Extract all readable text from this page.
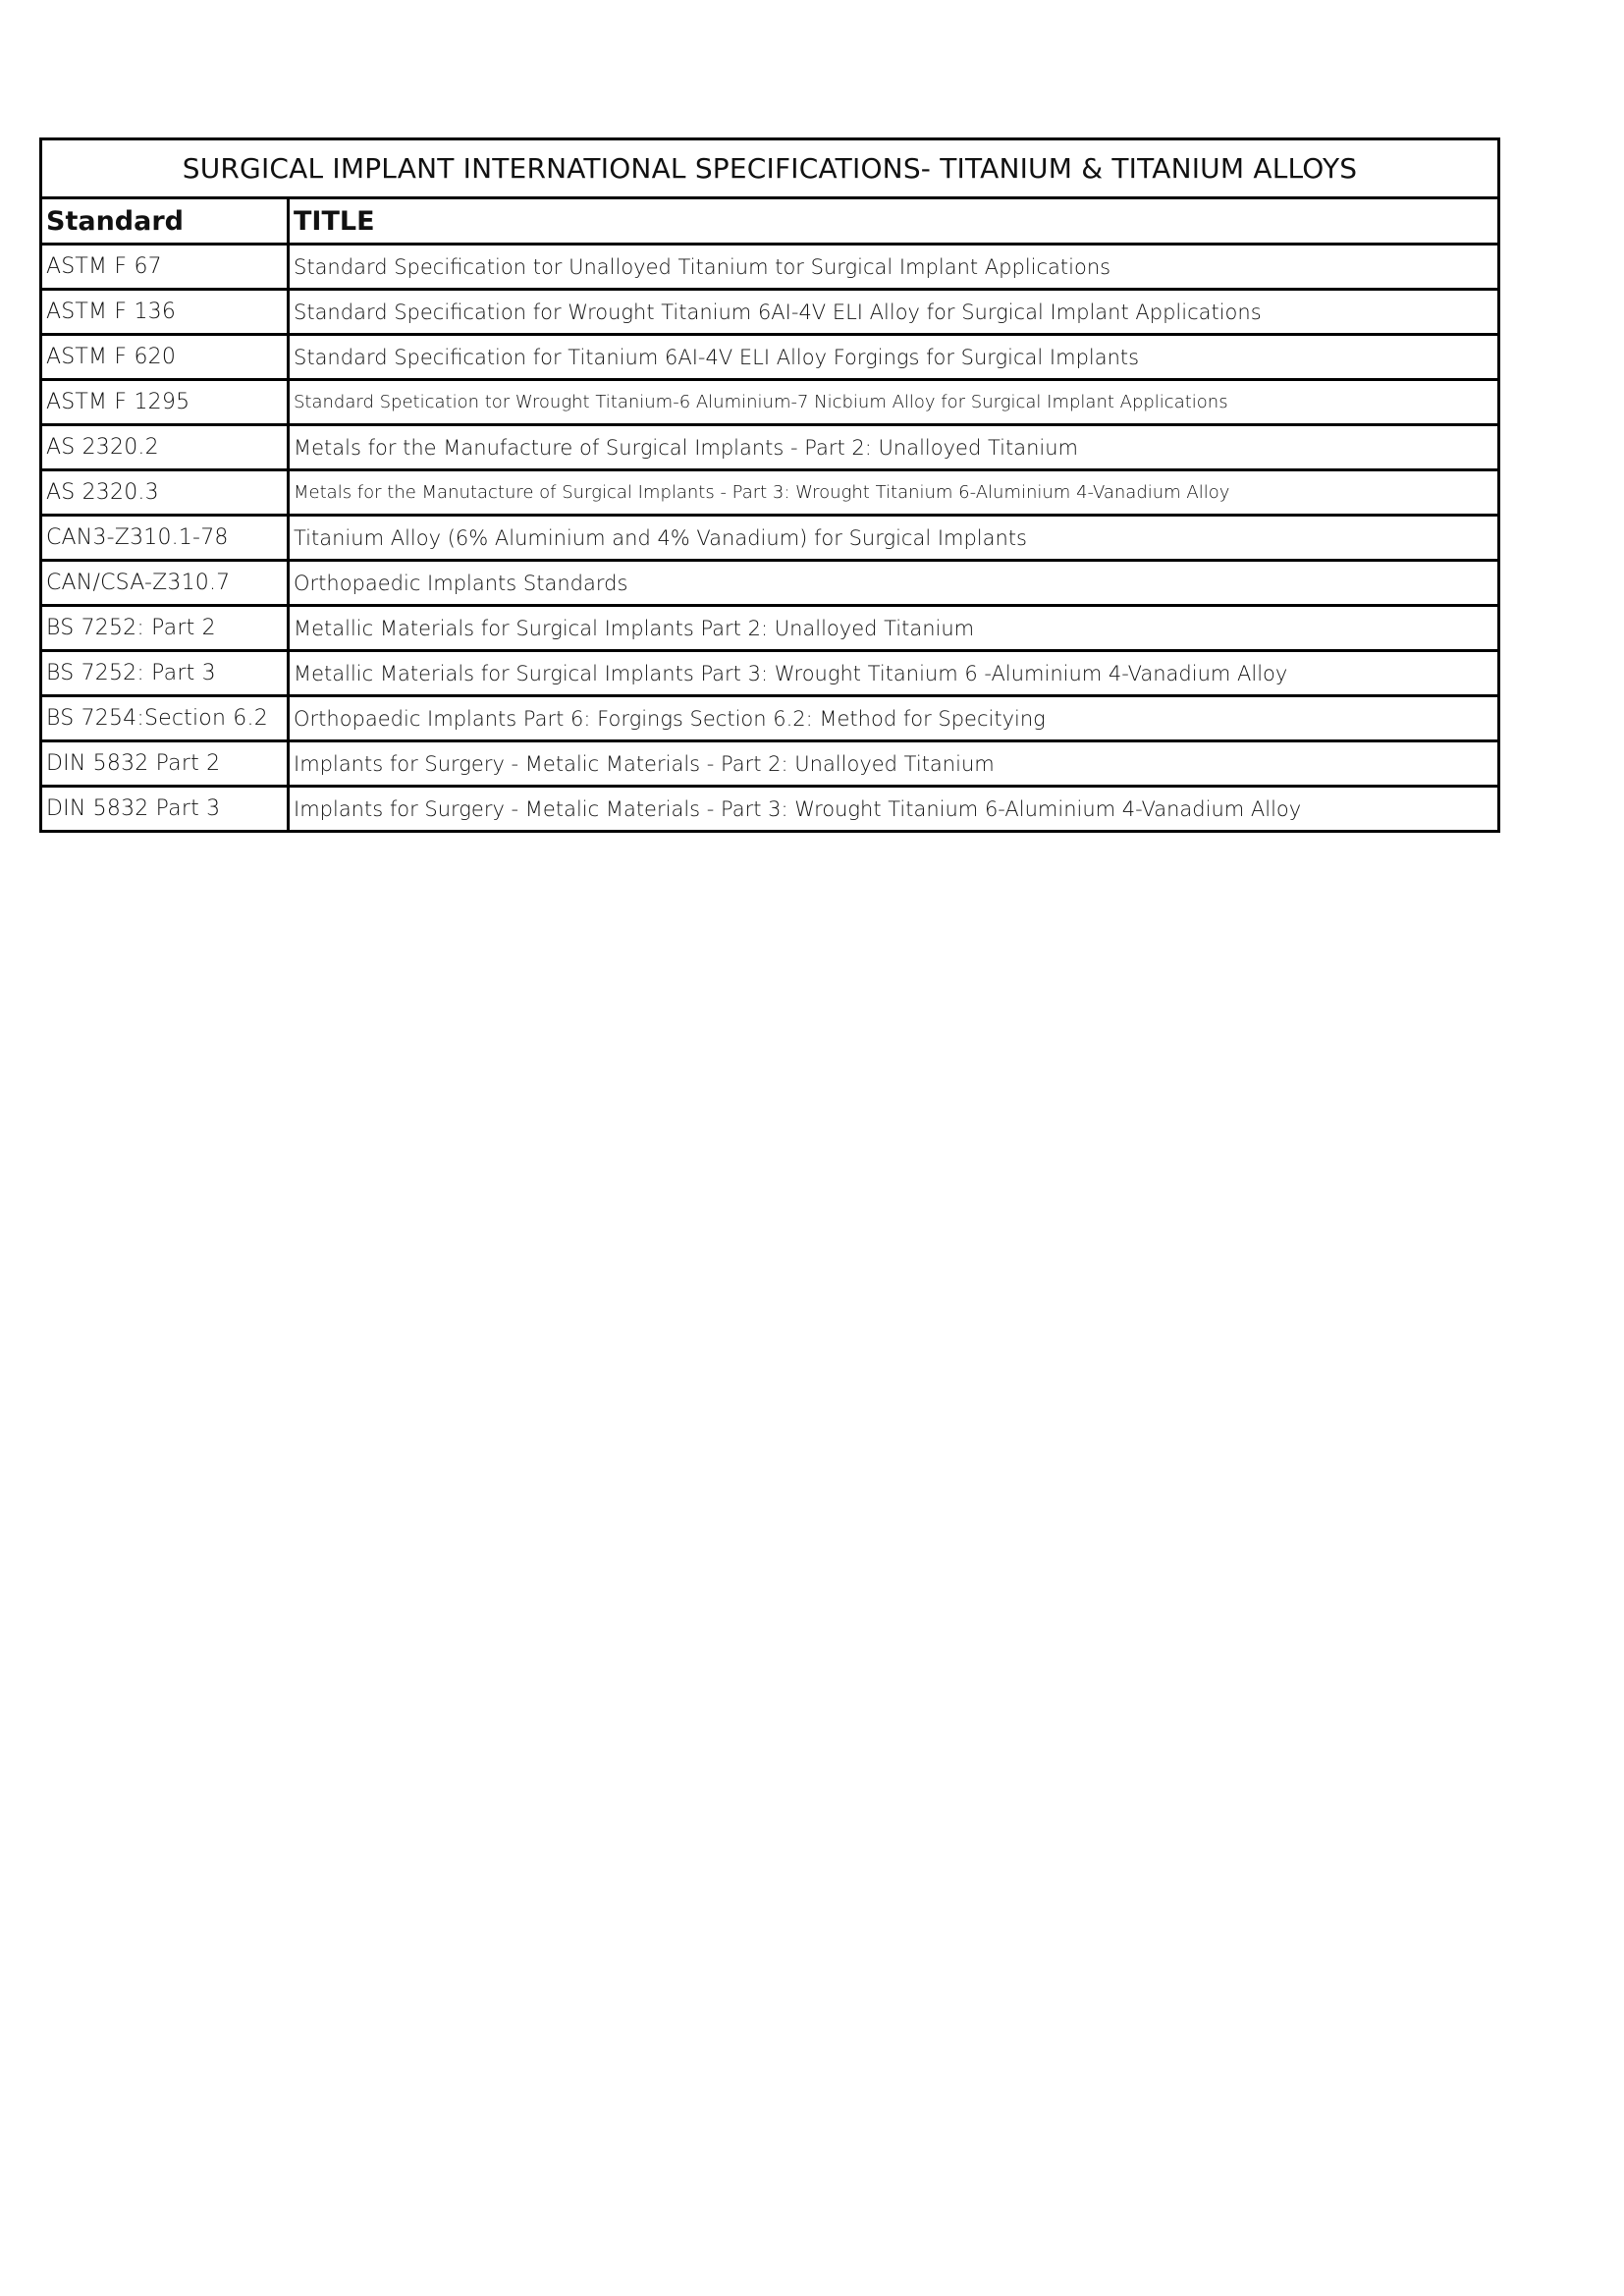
SURGICAL IMPLANT INTERNATIONAL SPECIFICATIONS- TITANIUM & TITANIUM ALLOYS	
Standard	TITLE
ASTM F 67	Standard Specification tor Unalloyed Titanium tor Surgical Implant Applications
ASTM F 136	Standard Specification for Wrought Titanium 6AI-4V ELI Alloy for Surgical Implant Applications
ASTM F 620	Standard Specification for Titanium 6AI-4V ELI Alloy Forgings for Surgical Implants
ASTM F 1295	Standard Spetication tor Wrought Titanium-6 Aluminium-7 Nicbium Alloy for Surgical Implant Applications
AS 2320.2	Metals for the Manufacture of Surgical Implants - Part 2: Unalloyed Titanium
AS 2320.3	Metals for the Manutacture of Surgical Implants - Part 3: Wrought Titanium 6-Aluminium 4-Vanadium Alloy
CAN3-Z310.1-78	Titanium Alloy (6% Aluminium and 4% Vanadium) for Surgical Implants
CAN/CSA-Z310.7	Orthopaedic Implants Standards
BS 7252: Part 2	Metallic Materials for Surgical Implants Part 2: Unalloyed Titanium
BS 7252: Part 3	Metallic Materials for Surgical Implants Part 3: Wrought Titanium 6 -Aluminium 4-Vanadium Alloy
BS 7254:Section 6.2	Orthopaedic Implants Part 6: Forgings Section 6.2: Method for Specitying
DIN 5832 Part 2	Implants for Surgery - Metalic Materials - Part 2: Unalloyed Titanium
DIN 5832 Part 3	Implants for Surgery - Metalic Materials - Part 3: Wrought Titanium 6-Aluminium 4-Vanadium Alloy
